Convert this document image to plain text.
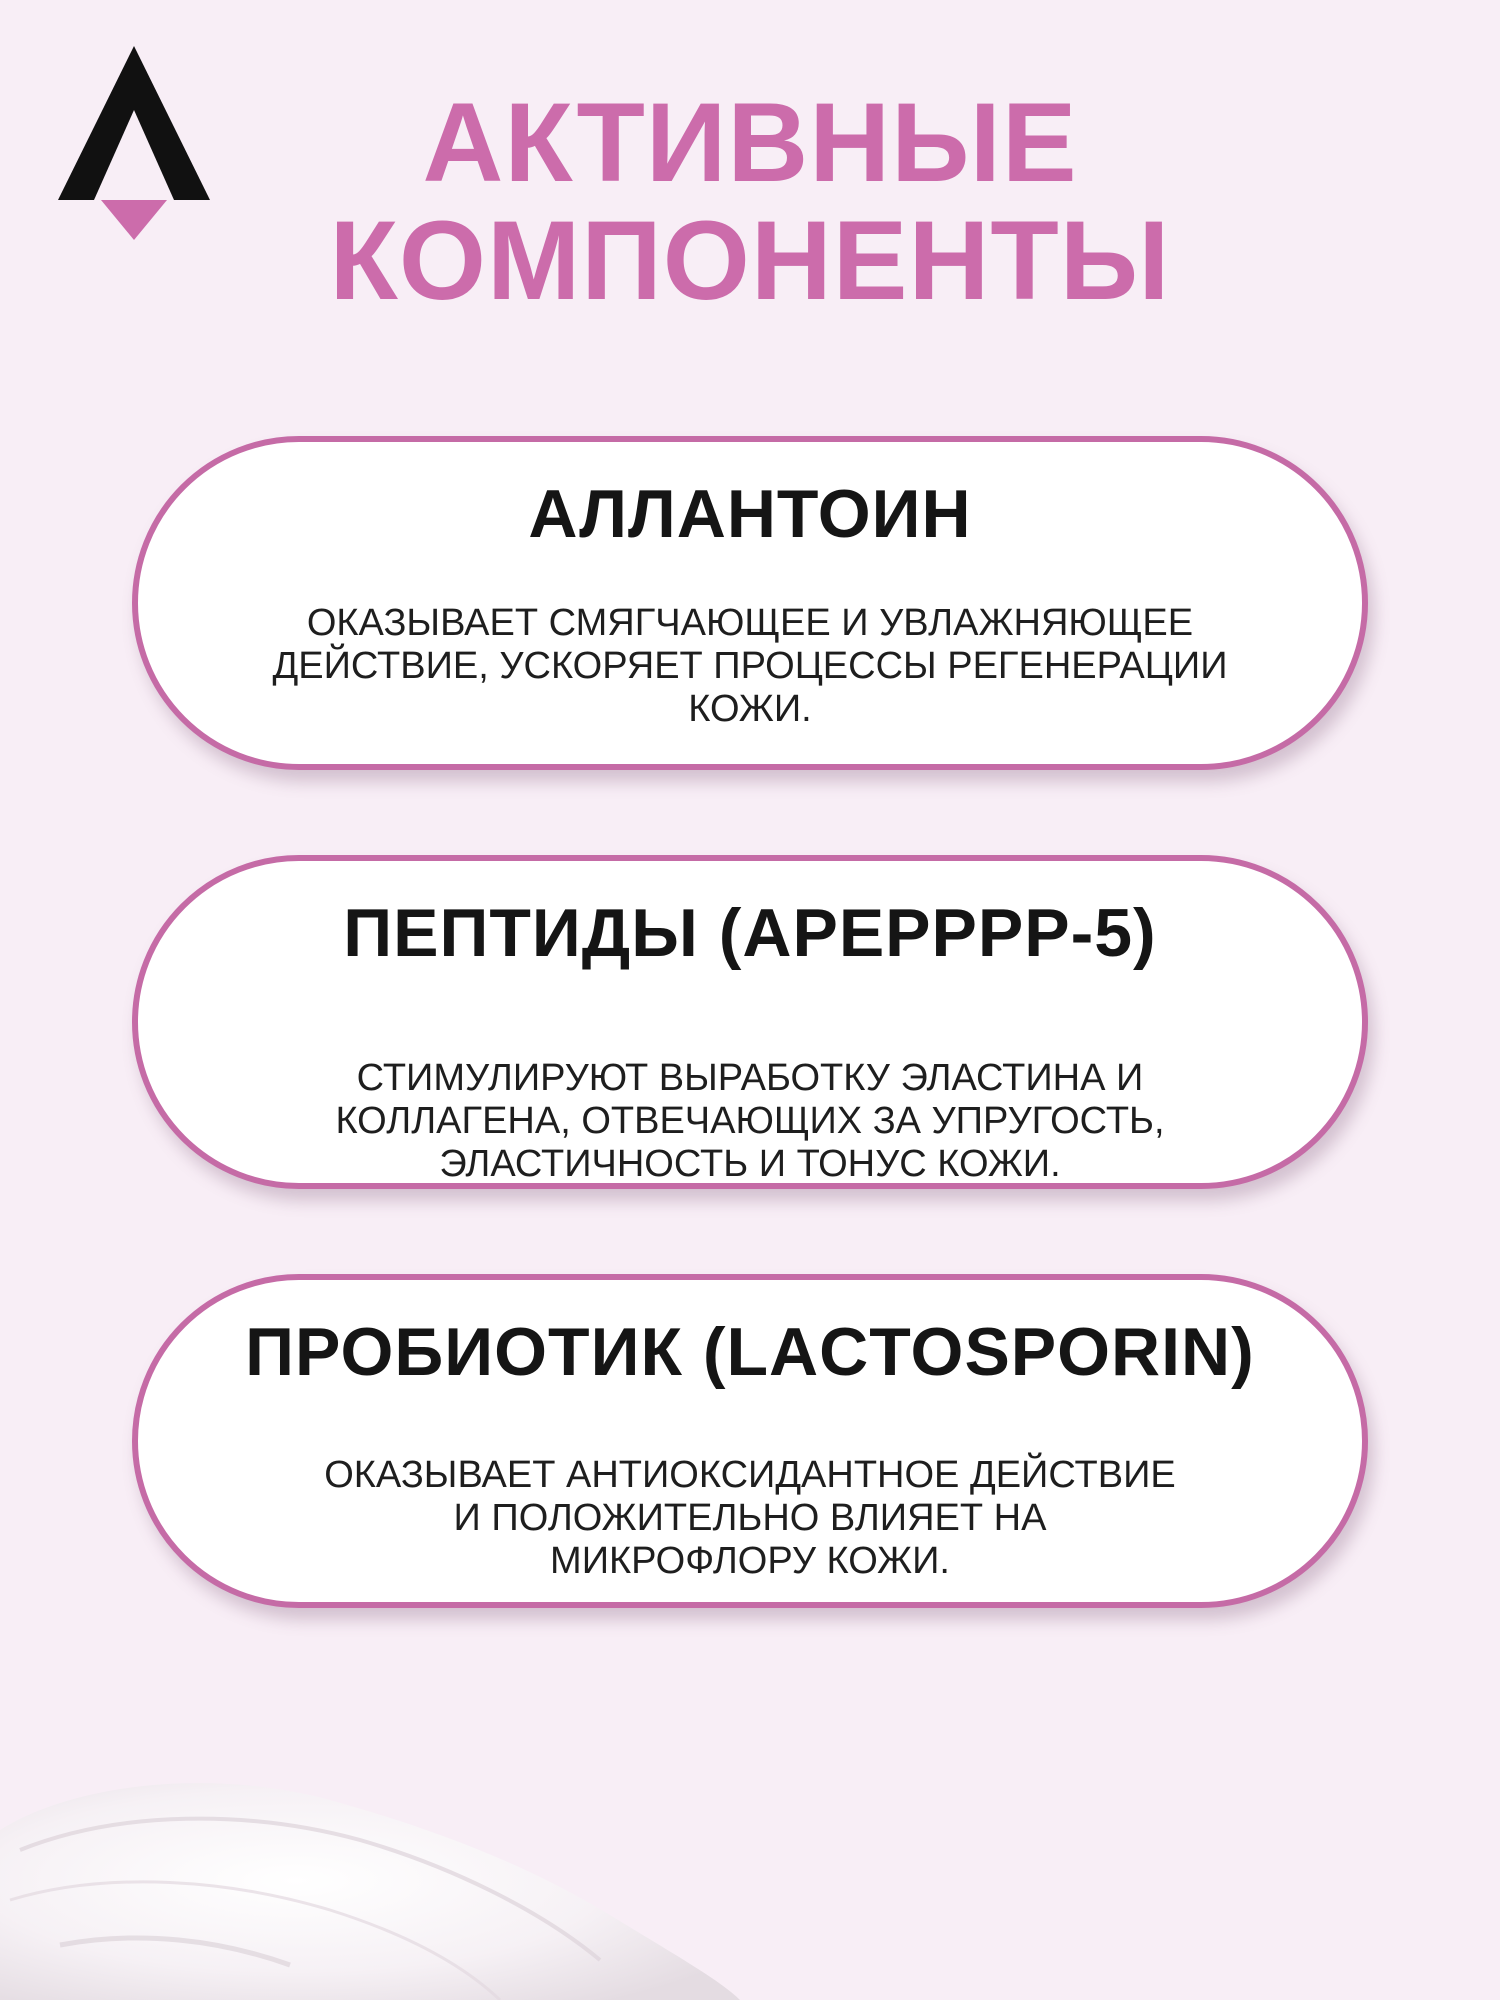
АКТИВНЫЕ
КОМПОНЕНТЫ
АЛЛАНТОИН
ОКАЗЫВАЕТ СМЯГЧАЮЩЕЕ И УВЛАЖНЯЮЩЕЕ
ДЕЙСТВИЕ, УСКОРЯЕТ ПРОЦЕССЫ РЕГЕНЕРАЦИИ
КОЖИ.
ПЕПТИДЫ (APEPPPP-5)
СТИМУЛИРУЮТ ВЫРАБОТКУ ЭЛАСТИНА И
КОЛЛАГЕНА, ОТВЕЧАЮЩИХ ЗА УПРУГОСТЬ,
ЭЛАСТИЧНОСТЬ И ТОНУС КОЖИ.
ПРОБИОТИК (LACTOSPORIN)
ОКАЗЫВАЕТ АНТИОКСИДАНТНОЕ ДЕЙСТВИЕ
И ПОЛОЖИТЕЛЬНО ВЛИЯЕТ НА
МИКРОФЛОРУ КОЖИ.
